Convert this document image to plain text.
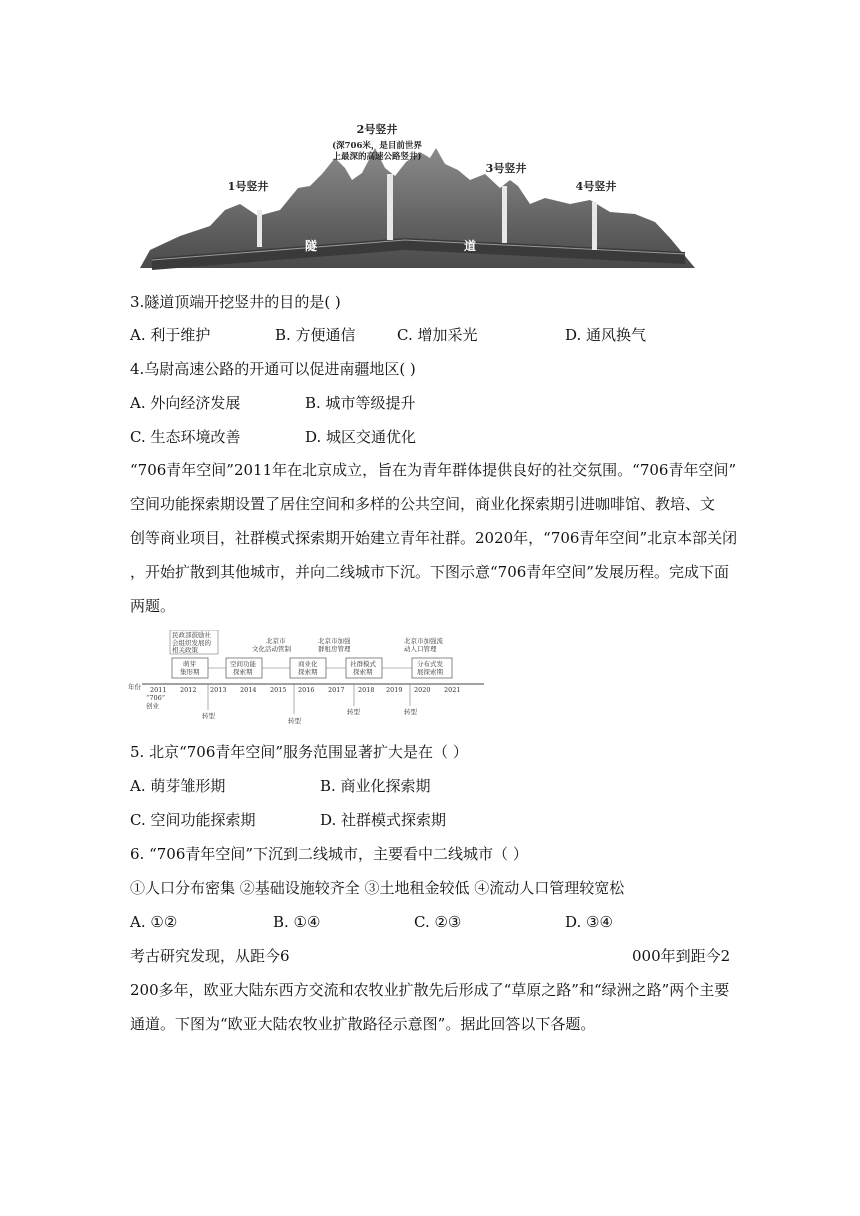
2号竖井
(深706米，是目前世界
上最深的高速公路竖井)
1号竖井
3号竖井
4号竖井
隧	道
3.隧道顶端开挖竖井的目的是( )
A. 利于维护	B. 方便通信	C. 增加采光	D. 通风换气
4.乌尉高速公路的开通可以促进南疆地区( )
A. 外向经济发展	B. 城市等级提升
C. 生态环境改善	D. 城区交通优化
“706青年空间”2011年在北京成立，旨在为青年群体提供良好的社交氛围。“706青年空间”
空间功能探索期设置了居住空间和多样的公共空间，商业化探索期引进咖啡馆、教培、文
创等商业项目，社群模式探索期开始建立青年社群。2020年，“706青年空间”北京本部关闭
，开始扩散到其他城市，并向二线城市下沉。下图示意“706青年空间”发展历程。完成下面
两题。
年份 2011 2012 2013 2014 2015 2016 2017 2018 2019 2020 2021
民政部鼓励社
会组织发展的
相关政策
北京市
文化活动管制
北京市加强
群租房管理
北京市加强流
动人口管理
萌芽
集形期
空间功能
探索期
商业化
探索期
社群模式
探索期
分布式发
展探索期
“706”
创业
转型
转型
转型	转型
5. 北京“706青年空间”服务范围显著扩大是在（ ）
A. 萌芽雏形期	B. 商业化探索期
C. 空间功能探索期	D. 社群模式探索期
6. “706青年空间”下沉到二线城市，主要看中二线城市（ ）
①人口分布密集 ②基础设施较齐全 ③土地租金较低 ④流动人口管理较宽松
A. ①②	B. ①④	C. ②③	D. ③④
考古研究发现，从距今6	000年到距今2
200多年，欧亚大陆东西方交流和农牧业扩散先后形成了“草原之路”和“绿洲之路”两个主要
通道。下图为“欧亚大陆农牧业扩散路径示意图”。据此回答以下各题。
